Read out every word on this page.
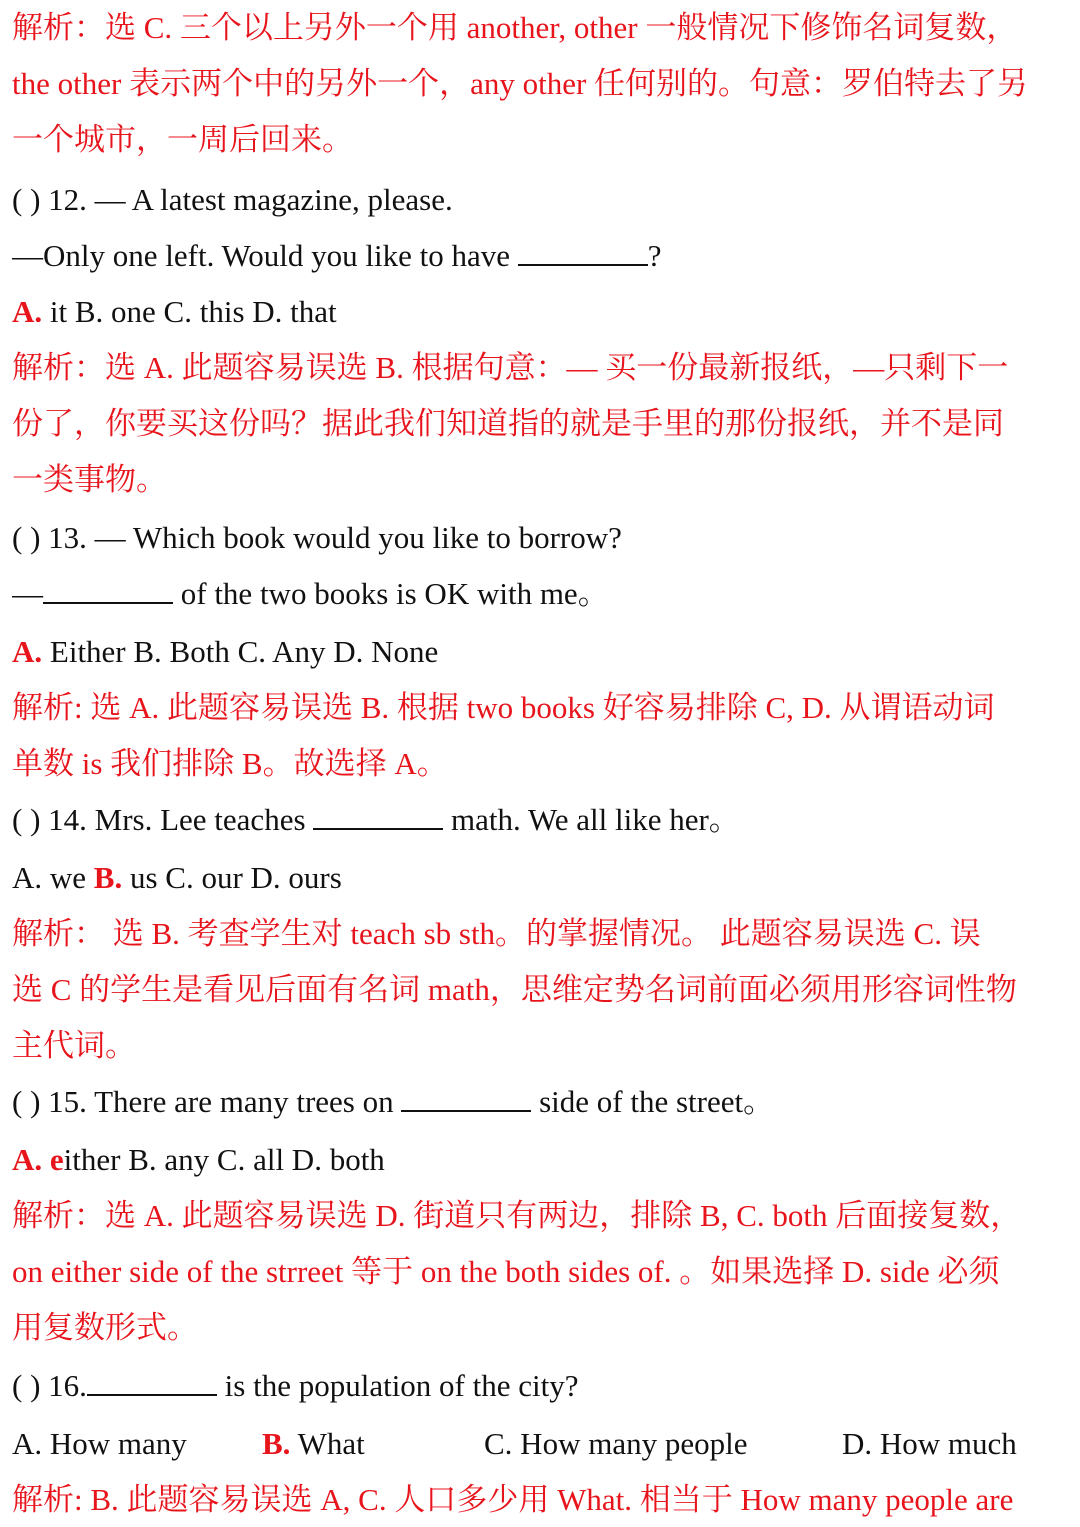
解析：选 C. 三个以上另外一个用 another, other 一般情况下修饰名词复数，
the other 表示两个中的另外一个，any other 任何别的。句意：罗伯特去了另
一个城市，一周后回来。
( ) 12. — A latest magazine, please.
—Only one left. Would you like to have	?
A. it B. one C. this D. that
解析：选 A. 此题容易误选 B. 根据句意：— 买一份最新报纸，—只剩下一
份了，你要买这份吗？据此我们知道指的就是手里的那份报纸，并不是同
一类事物。
( ) 13. — Which book would you like to borrow?
—	of the two books is OK with me。
A. Either B. Both C. Any D. None
解析: 选 A. 此题容易误选 B. 根据 two books 好容易排除 C, D. 从谓语动词
单数 is 我们排除 B。故选择 A。
( ) 14. Mrs. Lee teaches	math. We all like her。
A. we B. us C. our D. ours
解析： 选 B. 考查学生对 teach sb sth。的掌握情况。 此题容易误选 C. 误
选 C 的学生是看见后面有名词 math，思维定势名词前面必须用形容词性物
主代词。
( ) 15. There are many trees on	side of the street。
A. either B. any C. all D. both
解析：选 A. 此题容易误选 D. 街道只有两边，排除 B, C. both 后面接复数，
on either side of the strreet 等于 on the both sides of. 。如果选择 D. side 必须
用复数形式。
( ) 16.	is the population of the city?
A. How many B. What	C. How many people	D. How much
解析: B. 此题容易误选 A, C. 人口多少用 What. 相当于 How many people are
